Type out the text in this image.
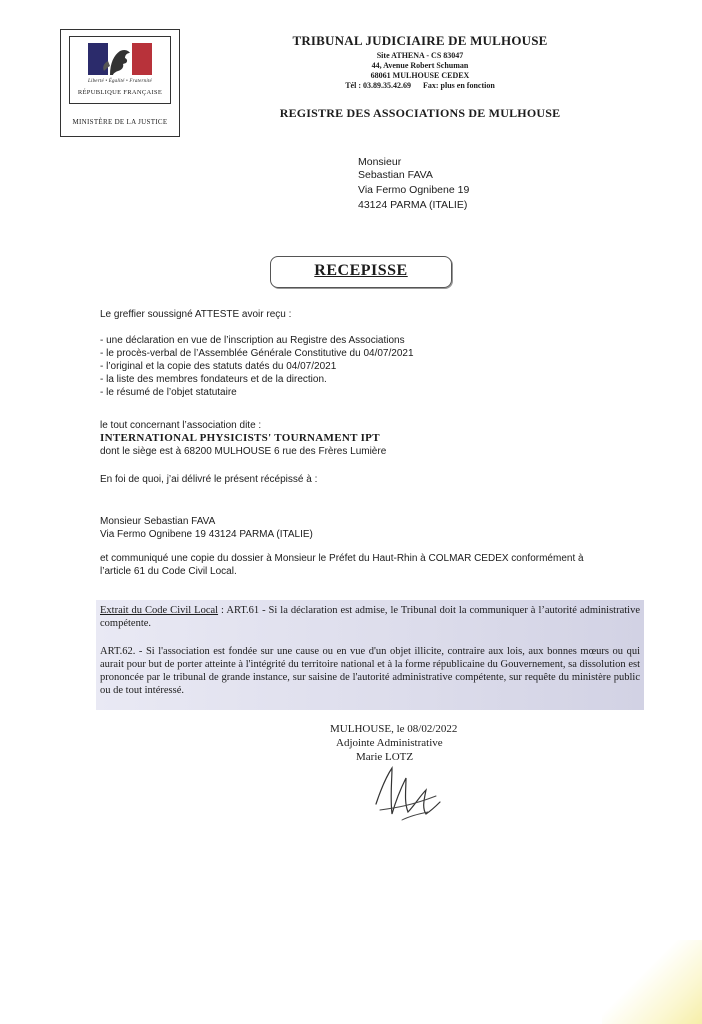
Liberté • Égalité • Fraternité
RÉPUBLIQUE FRANÇAISE
MINISTÈRE DE LA JUSTICE
TRIBUNAL JUDICIAIRE DE MULHOUSE
Site ATHENA - CS 83047
44, Avenue Robert Schuman
68061 MULHOUSE CEDEX
Tél : 03.89.35.42.69      Fax: plus en fonction
REGISTRE DES ASSOCIATIONS DE MULHOUSE
Monsieur
Sebastian FAVA
Via Fermo Ognibene 19
43124 PARMA (ITALIE)
RECEPISSE
Le greffier soussigné ATTESTE avoir reçu :
- une déclaration en vue de l’inscription au Registre des Associations
- le procès-verbal de l’Assemblée Générale Constitutive du 04/07/2021
- l’original et la copie des statuts datés du 04/07/2021
- la liste des membres fondateurs et de la direction.
- le résumé de l’objet statutaire
le tout concernant l’association dite :
INTERNATIONAL PHYSICISTS' TOURNAMENT IPT
dont le siège est à 68200 MULHOUSE 6 rue des Frères Lumière
En foi de quoi, j’ai délivré le présent récépissé à :
Monsieur Sebastian FAVA
Via Fermo Ognibene 19 43124 PARMA (ITALIE)
et communiqué une copie du dossier à Monsieur le Préfet du Haut-Rhin à COLMAR CEDEX conformément à
l’article 61 du Code Civil Local.
Extrait du Code Civil Local : ART.61 - Si la déclaration est admise, le Tribunal doit la communiquer à l’autorité administrative compétente.
ART.62. - Si l'association est fondée sur une cause ou en vue d'un objet illicite, contraire aux lois, aux bonnes mœurs ou qui aurait pour but de porter atteinte à l'intégrité du territoire national et à la forme républicaine du Gouvernement, sa dissolution est prononcée par le tribunal de grande instance, sur saisine de l'autorité administrative compétente, sur requête du ministère public ou de tout intéressé.
MULHOUSE, le 08/02/2022
Adjointe Administrative
Marie LOTZ
